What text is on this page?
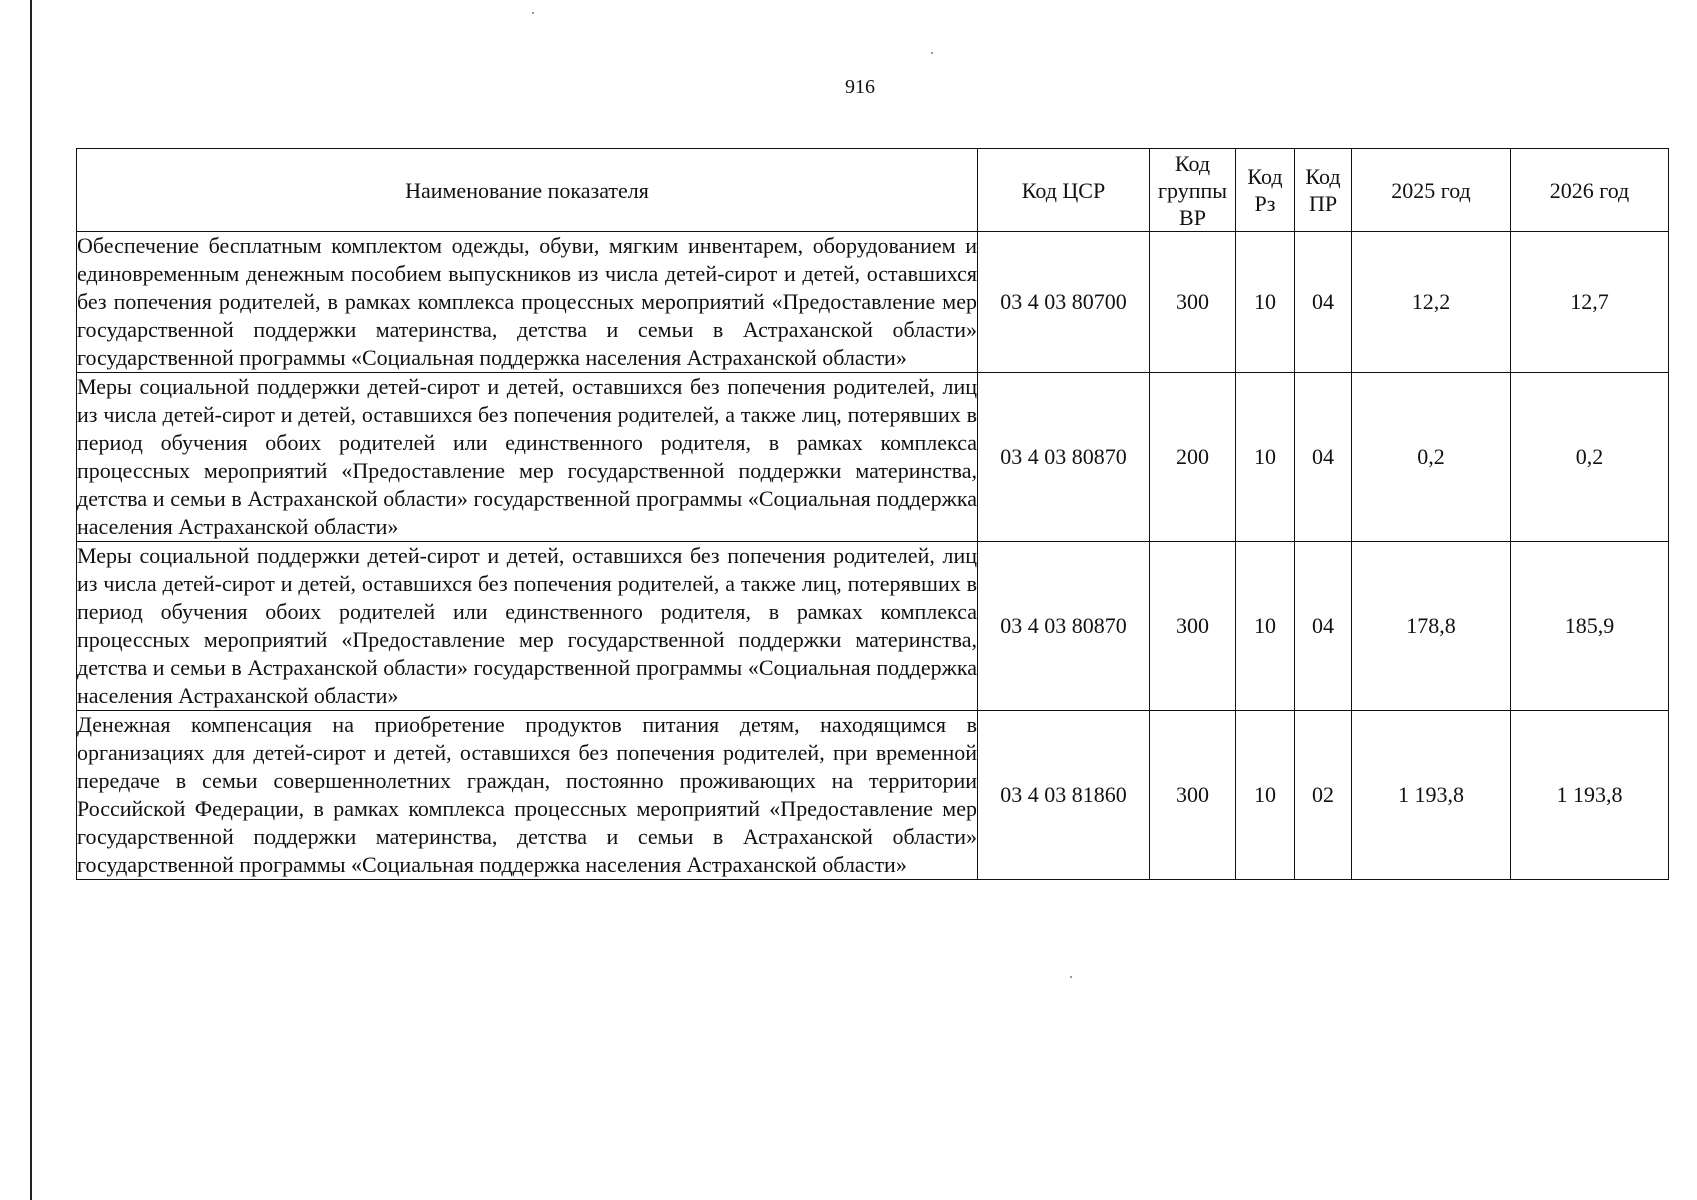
916
Наименование показателя	Код ЦСР	Код группы ВР	Код Рз	Код ПР	2025 год	2026 год
Обеспечение бесплатным комплектом одежды, обуви, мягким инвентарем, оборудованием и единовременным денежным пособием выпускников из числа детей-сирот и детей, оставшихся без попечения родителей, в рамках комплекса процессных мероприятий «Предоставление мер государственной поддержки материнства, детства и семьи в Астраханской области» государственной программы «Социальная поддержка населения Астраханской области»	03 4 03 80700	300	10	04	12,2	12,7
Меры социальной поддержки детей-сирот и детей, оставшихся без попечения родителей, лиц из числа детей-сирот и детей, оставшихся без попечения родителей, а также лиц, потерявших в период обучения обоих родителей или единственного родителя, в рамках комплекса процессных мероприятий «Предоставление мер государственной поддержки материнства, детства и семьи в Астраханской области» государственной программы «Социальная поддержка населения Астраханской области»	03 4 03 80870	200	10	04	0,2	0,2
Меры социальной поддержки детей-сирот и детей, оставшихся без попечения родителей, лиц из числа детей-сирот и детей, оставшихся без попечения родителей, а также лиц, потерявших в период обучения обоих родителей или единственного родителя, в рамках комплекса процессных мероприятий «Предоставление мер государственной поддержки материнства, детства и семьи в Астраханской области» государственной программы «Социальная поддержка населения Астраханской области»	03 4 03 80870	300	10	04	178,8	185,9
Денежная компенсация на приобретение продуктов питания детям, находящимся в организациях для детей-сирот и детей, оставшихся без попечения родителей, при временной передаче в семьи совершеннолетних граждан, постоянно проживающих на территории Российской Федерации, в рамках комплекса процессных мероприятий «Предоставление мер государственной поддержки материнства, детства и семьи в Астраханской области» государственной программы «Социальная поддержка населения Астраханской области»	03 4 03 81860	300	10	02	1 193,8	1 193,8
